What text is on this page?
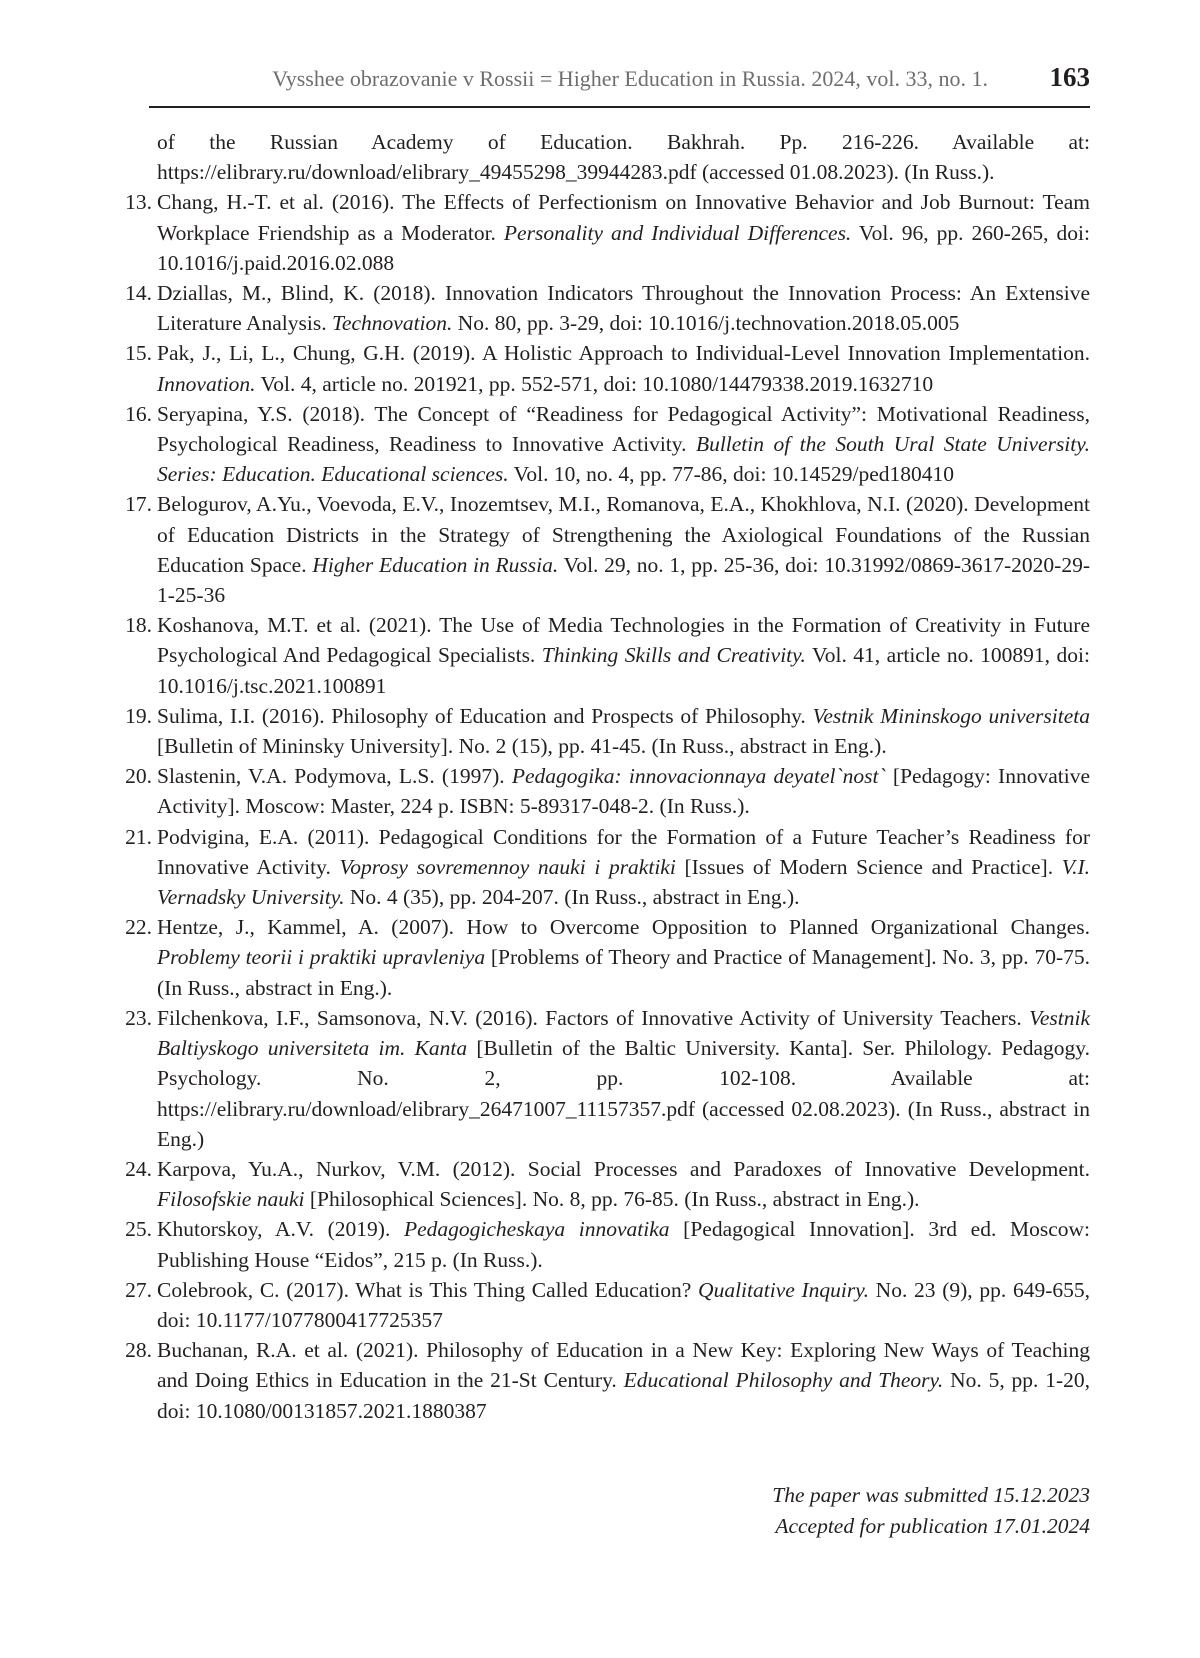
Vysshee obrazovanie v Rossii = Higher Education in Russia. 2024, vol. 33, no. 1. 163
of the Russian Academy of Education. Bakhrah. Pp. 216-226. Available at: https://elibrary.ru/download/elibrary_49455298_39944283.pdf (accessed 01.08.2023). (In Russ.).
13. Chang, H.-T. et al. (2016). The Effects of Perfectionism on Innovative Behavior and Job Burnout: Team Workplace Friendship as a Moderator. Personality and Individual Differences. Vol. 96, pp. 260-265, doi: 10.1016/j.paid.2016.02.088
14. Dziallas, M., Blind, K. (2018). Innovation Indicators Throughout the Innovation Process: An Extensive Literature Analysis. Technovation. No. 80, pp. 3-29, doi: 10.1016/j.technovation.2018.05.005
15. Pak, J., Li, L., Chung, G.H. (2019). A Holistic Approach to Individual-Level Innovation Implementation. Innovation. Vol. 4, article no. 201921, pp. 552-571, doi: 10.1080/14479338.2019.1632710
16. Seryapina, Y.S. (2018). The Concept of “Readiness for Pedagogical Activity”: Motivational Readiness, Psychological Readiness, Readiness to Innovative Activity. Bulletin of the South Ural State University. Series: Education. Educational sciences. Vol. 10, no. 4, pp. 77-86, doi: 10.14529/ped180410
17. Belogurov, A.Yu., Voevoda, E.V., Inozemtsev, M.I., Romanova, E.A., Khokhlova, N.I. (2020). Development of Education Districts in the Strategy of Strengthening the Axiological Foundations of the Russian Education Space. Higher Education in Russia. Vol. 29, no. 1, pp. 25-36, doi: 10.31992/0869-3617-2020-29-1-25-36
18. Koshanova, M.T. et al. (2021). The Use of Media Technologies in the Formation of Creativity in Future Psychological And Pedagogical Specialists. Thinking Skills and Creativity. Vol. 41, article no. 100891, doi: 10.1016/j.tsc.2021.100891
19. Sulima, I.I. (2016). Philosophy of Education and Prospects of Philosophy. Vestnik Mininskogo universiteta [Bulletin of Mininsky University]. No. 2 (15), pp. 41-45. (In Russ., abstract in Eng.).
20. Slastenin, V.A. Podymova, L.S. (1997). Pedagogika: innovacionnaya deyatel`nost` [Pedagogy: Innovative Activity]. Moscow: Master, 224 p. ISBN: 5-89317-048-2. (In Russ.).
21. Podvigina, E.A. (2011). Pedagogical Conditions for the Formation of a Future Teacher’s Readiness for Innovative Activity. Voprosy sovremennoy nauki i praktiki [Issues of Modern Science and Practice]. V.I. Vernadsky University. No. 4 (35), pp. 204-207. (In Russ., abstract in Eng.).
22. Hentze, J., Kammel, A. (2007). How to Overcome Opposition to Planned Organizational Changes. Problemy teorii i praktiki upravleniya [Problems of Theory and Practice of Management]. No. 3, pp. 70-75. (In Russ., abstract in Eng.).
23. Filchenkova, I.F., Samsonova, N.V. (2016). Factors of Innovative Activity of University Teachers. Vestnik Baltiyskogo universiteta im. Kanta [Bulletin of the Baltic University. Kanta]. Ser. Philology. Pedagogy. Psychology. No. 2, pp. 102-108. Available at: https://elibrary.ru/download/elibrary_26471007_11157357.pdf (accessed 02.08.2023). (In Russ., abstract in Eng.)
24. Karpova, Yu.A., Nurkov, V.M. (2012). Social Processes and Paradoxes of Innovative Development. Filosofskie nauki [Philosophical Sciences]. No. 8, pp. 76-85. (In Russ., abstract in Eng.).
25. Khutorskoy, A.V. (2019). Pedagogicheskaya innovatika [Pedagogical Innovation]. 3rd ed. Moscow: Publishing House “Eidos”, 215 p. (In Russ.).
27. Colebrook, C. (2017). What is This Thing Called Education? Qualitative Inquiry. No. 23 (9), pp. 649-655, doi: 10.1177/1077800417725357
28. Buchanan, R.A. et al. (2021). Philosophy of Education in a New Key: Exploring New Ways of Teaching and Doing Ethics in Education in the 21-St Century. Educational Philosophy and Theory. No. 5, pp. 1-20, doi: 10.1080/00131857.2021.1880387
The paper was submitted 15.12.2023
Accepted for publication 17.01.2024
